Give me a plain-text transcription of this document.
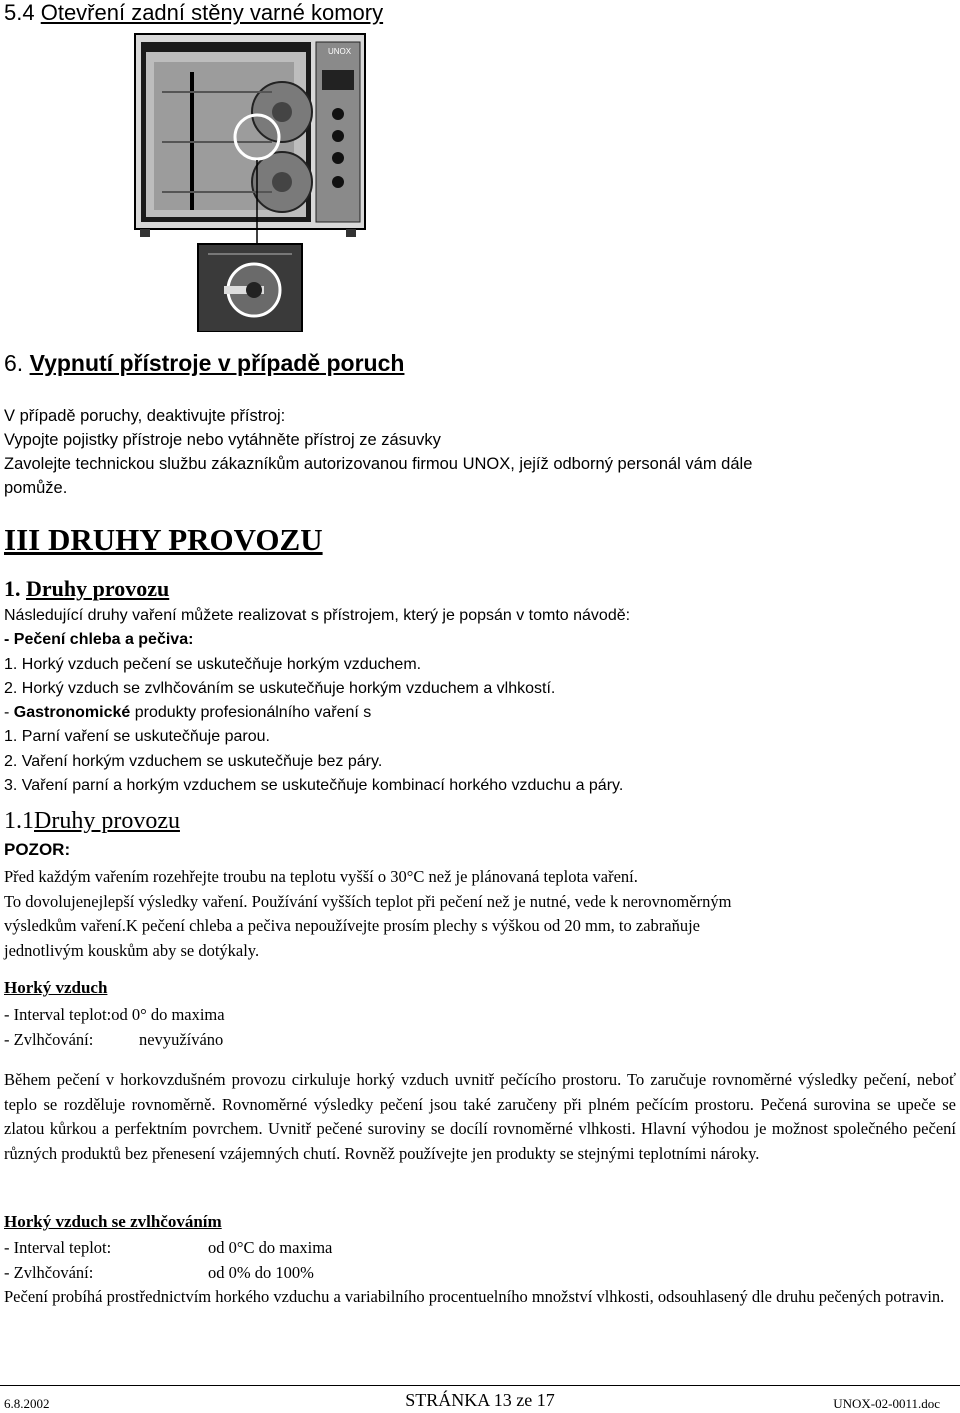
5.4 Otevření zadní stěny varné komory
UNOX
6. Vypnutí přístroje v případě poruch
V případě poruchy, deaktivujte přístroj:
Vypojte pojistky přístroje nebo vytáhněte přístroj ze zásuvky
Zavolejte technickou službu zákazníkům autorizovanou firmou UNOX, jejíž odborný personál vám dále
pomůže.
III DRUHY PROVOZU
1. Druhy provozu
Následující druhy vaření můžete realizovat s přístrojem, který je popsán v tomto návodě:
- Pečení chleba a pečiva:
1. Horký vzduch pečení se uskutečňuje horkým vzduchem.
2. Horký vzduch se zvlhčováním se uskutečňuje horkým vzduchem a vlhkostí.
- Gastronomické produkty profesionálního vaření s
1. Parní vaření se uskutečňuje parou.
2. Vaření horkým vzduchem se uskutečňuje bez páry.
3. Vaření parní a horkým vzduchem se uskutečňuje kombinací horkého vzduchu a páry.
1.1Druhy provozu
POZOR:
Před každým vařením rozehřejte troubu na teplotu vyšší o 30°C než je plánovaná teplota vaření.
To dovolujenejlepší výsledky vaření. Používání vyšších teplot při pečení než je nutné, vede k nerovnoměrným
výsledkům vaření.K pečení chleba a pečiva nepoužívejte prosím plechy s výškou od 20 mm, to zabraňuje
jednotlivým kouskům aby se dotýkaly.
Horký vzduch
- Interval teplot:od 0° do maxima
- Zvlhčování:	nevyužíváno
Během pečení v horkovzdušném provozu cirkuluje horký vzduch uvnitř pečícího prostoru. To zaručuje rovnoměrné výsledky pečení, neboť teplo se rozděluje rovnoměrně. Rovnoměrné výsledky pečení jsou také zaručeny při plném pečícím prostoru. Pečená surovina se upeče se zlatou kůrkou a perfektním povrchem. Uvnitř pečené suroviny se docílí rovnoměrné vlhkosti. Hlavní výhodou je možnost společného pečení různých produktů bez přenesení vzájemných chutí. Rovněž používejte jen produkty se stejnými teplotními nároky.
Horký vzduch se zvlhčováním
- Interval teplot:	od 0°C do maxima
- Zvlhčování:	od 0% do 100%
Pečení probíhá prostřednictvím horkého vzduchu a variabilního procentuelního množství vlhkosti, odsouhlasený dle druhu pečených potravin.
6.8.2002	STRÁNKA 13 ze 17	UNOX-02-0011.doc
